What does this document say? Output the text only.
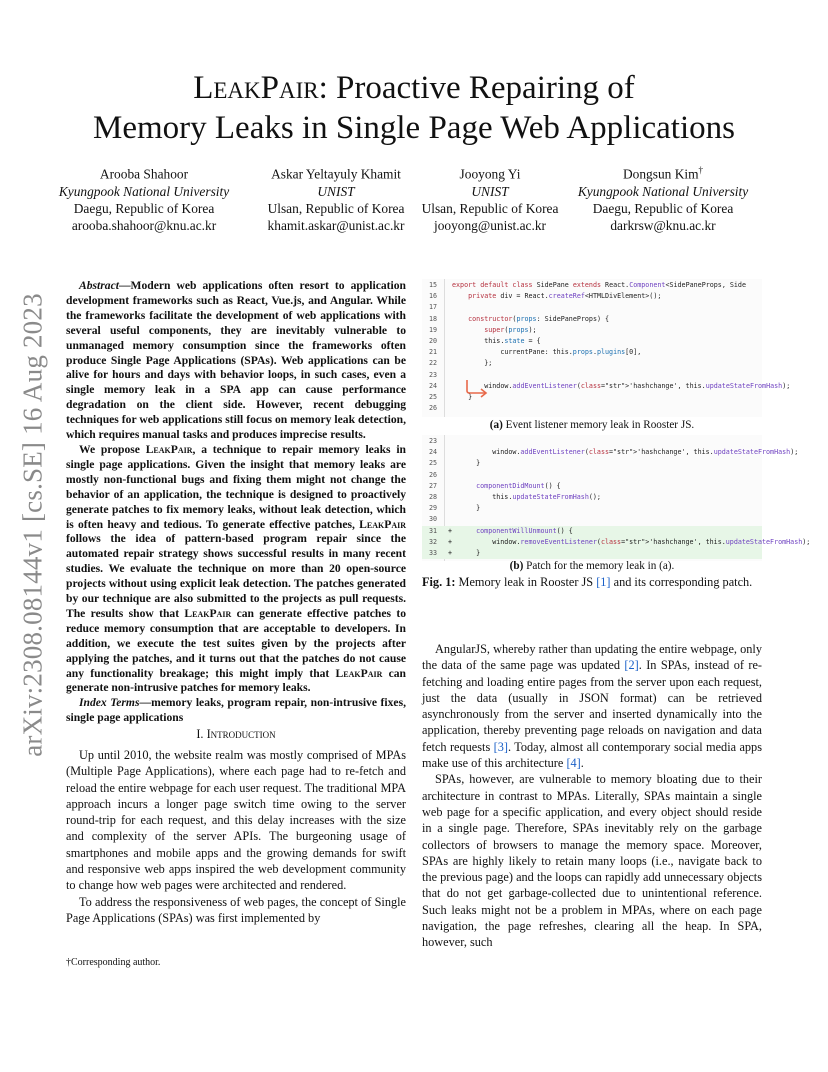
arXiv:2308.08144v1 [cs.SE] 16 Aug 2023
LeakPair: Proactive Repairing of
Memory Leaks in Single Page Web Applications
Arooba Shahoor
Kyungpook National University
Daegu, Republic of Korea
arooba.shahoor@knu.ac.kr
Askar Yeltayuly Khamit
UNIST
Ulsan, Republic of Korea
khamit.askar@unist.ac.kr
Jooyong Yi
UNIST
Ulsan, Republic of Korea
jooyong@unist.ac.kr
Dongsun Kim†
Kyungpook National University
Daegu, Republic of Korea
darkrsw@knu.ac.kr

Abstract—Modern web applications often resort to application development frameworks such as React, Vue.js, and Angular. While the frameworks facilitate the development of web applications with several useful components, they are inevitably vulnerable to unmanaged memory consumption since the frameworks often produce Single Page Applications (SPAs). Web applications can be alive for hours and days with behavior loops, in such cases, even a single memory leak in a SPA app can cause performance degradation on the client side. However, recent debugging techniques for web applications still focus on memory leak detection, which requires manual tasks and produces imprecise results.

We propose LeakPair, a technique to repair memory leaks in single page applications. Given the insight that memory leaks are mostly non-functional bugs and fixing them might not change the behavior of an application, the technique is designed to proactively generate patches to fix memory leaks, without leak detection, which is often heavy and tedious. To generate effective patches, LeakPair follows the idea of pattern-based program repair since the automated repair strategy shows successful results in many recent studies. We evaluate the technique on more than 20 open-source projects without using explicit leak detection. The patches generated by our technique are also submitted to the projects as pull requests. The results show that LeakPair can generate effective patches to reduce memory consumption that are acceptable to developers. In addition, we execute the test suites given by the projects after applying the patches, and it turns out that the patches do not cause any functionality breakage; this might imply that LeakPair can generate non-intrusive patches for memory leaks.

Index Terms—memory leaks, program repair, non-intrusive fixes, single page applications

I. Introduction

Up until 2010, the website realm was mostly comprised of MPAs (Multiple Page Applications), where each page had to re-fetch and reload the entire webpage for each user request. The traditional MPA approach incurs a longer page switch time owing to the server round-trip for each request, and this delay increases with the size and complexity of the server APIs. The burgeoning usage of smartphones and mobile apps and the growing demands for swift and responsive web apps inspired the web development community to change how web pages were architected and rendered.

To address the responsiveness of web pages, the concept of Single Page Applications (SPAs) was first implemented by

†Corresponding author.
15	export default class SidePane extends React.Component<SidePaneProps, Side
16	private div = React.createRef<HTMLDivElement>();
17
18	constructor(props: SidePaneProps) {
19	super(props);
20	this.state = {
21	currentPane: this.props.plugins[0],
22	};
23
24	window.addEventListener(class="str">'hashchange', this.updateStateFromHash);
25	}
26
(a) Event listener memory leak in Rooster JS.
23
24	window.addEventListener(class="str">'hashchange', this.updateStateFromHash);
25	}
26
27	componentDidMount() {
28	this.updateStateFromHash();
29	}
30
31	+	componentWillUnmount() {
32	+ window.removeEventListener(class="str">'hashchange', this.updateStateFromHash);
33	+ }
(b) Patch for the memory leak in (a).
Fig. 1: Memory leak in Rooster JS [1] and its corresponding patch.

AngularJS, whereby rather than updating the entire webpage, only the data of the same page was updated [2]. In SPAs, instead of re-fetching and loading entire pages from the server upon each request, just the data (usually in JSON format) can be retrieved asynchronously from the server and inserted dynamically into the application, thereby preventing page reloads on navigation and data fetch requests [3]. Today, almost all contemporary social media apps make use of this architecture [4].

SPAs, however, are vulnerable to memory bloating due to their architecture in contrast to MPAs. Literally, SPAs maintain a single web page for a specific application, and every object should reside in a single page. Therefore, SPAs inevitably rely on the garbage collectors of browsers to manage the memory space. Moreover, SPAs are highly likely to retain many loops (i.e., navigate back to the previous page) and the loops can rapidly add unnecessary objects that do not get garbage-collected due to unintentional reference. Such leaks might not be a problem in MPAs, where on each page navigation, the page refreshes, clearing all the heap. In SPA, however, such
